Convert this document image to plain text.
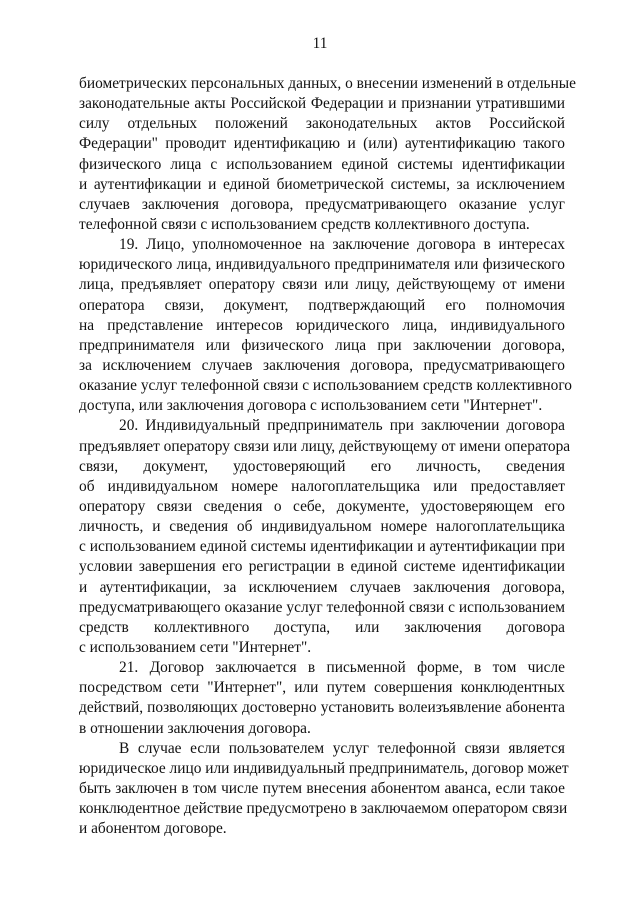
11
биометрических персональных данных, о внесении изменений в отдельные
законодательные акты Российской Федерации и признании утратившими
силу отдельных положений законодательных актов Российской
Федерации" проводит идентификацию и (или) аутентификацию такого
физического лица с использованием единой системы идентификации
и аутентификации и единой биометрической системы, за исключением
случаев заключения договора, предусматривающего оказание услуг
телефонной связи с использованием средств коллективного доступа.
19. Лицо, уполномоченное на заключение договора в интересах
юридического лица, индивидуального предпринимателя или физического
лица, предъявляет оператору связи или лицу, действующему от имени
оператора связи, документ, подтверждающий его полномочия
на представление интересов юридического лица, индивидуального
предпринимателя или физического лица при заключении договора,
за исключением случаев заключения договора, предусматривающего
оказание услуг телефонной связи с использованием средств коллективного
доступа, или заключения договора с использованием сети "Интернет".
20. Индивидуальный предприниматель при заключении договора
предъявляет оператору связи или лицу, действующему от имени оператора
связи, документ, удостоверяющий его личность, сведения
об индивидуальном номере налогоплательщика или предоставляет
оператору связи сведения о себе, документе, удостоверяющем его
личность, и сведения об индивидуальном номере налогоплательщика
с использованием единой системы идентификации и аутентификации при
условии завершения его регистрации в единой системе идентификации
и аутентификации, за исключением случаев заключения договора,
предусматривающего оказание услуг телефонной связи с использованием
средств коллективного доступа, или заключения договора
с использованием сети "Интернет".
21. Договор заключается в письменной форме, в том числе
посредством сети "Интернет", или путем совершения конклюдентных
действий, позволяющих достоверно установить волеизъявление абонента
в отношении заключения договора.
В случае если пользователем услуг телефонной связи является
юридическое лицо или индивидуальный предприниматель, договор может
быть заключен в том числе путем внесения абонентом аванса, если такое
конклюдентное действие предусмотрено в заключаемом оператором связи
и абонентом договоре.
